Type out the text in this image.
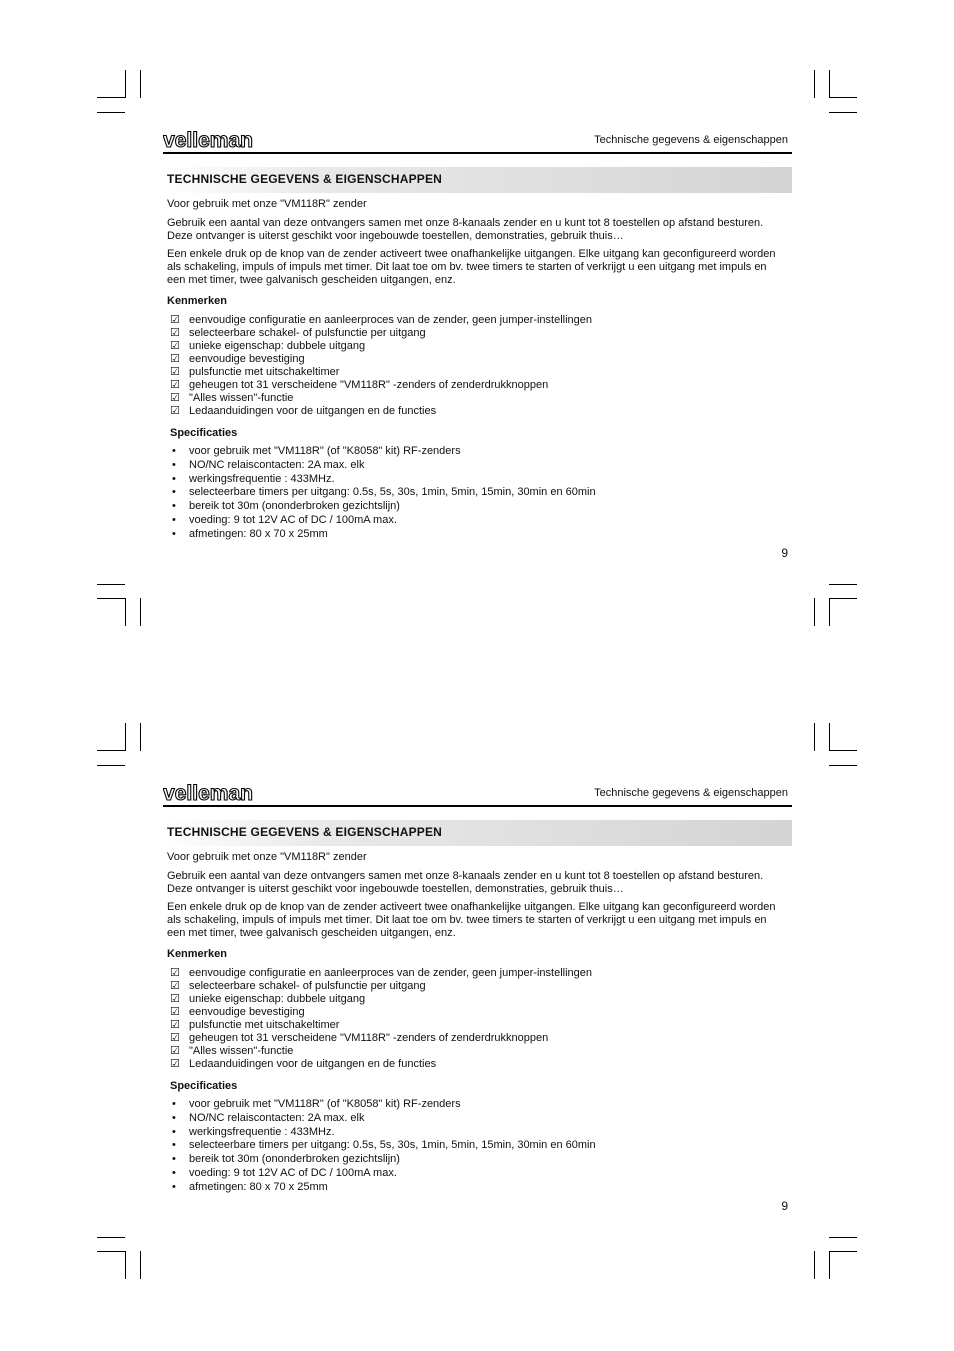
velleman	Technische gegevens & eigenschappen
TECHNISCHE GEGEVENS & EIGENSCHAPPEN

Voor gebruik met onze "VM118R" zender

Gebruik een aantal van deze ontvangers samen met onze 8-kanaals zender en u kunt tot 8 toestellen op afstand besturen. Deze ontvanger is uiterst geschikt voor ingebouwde toestellen, demonstraties, gebruik thuis…

Een enkele druk op de knop van de zender activeert twee onafhankelijke uitgangen. Elke uitgang kan geconfigureerd worden als schakeling, impuls of impuls met timer. Dit laat toe om bv. twee timers te starten of verkrijgt u een uitgang met impuls en een met timer, twee galvanisch gescheiden uitgangen, enz.

Kenmerken
☑ eenvoudige configuratie en aanleerproces van de zender, geen jumper-instellingen
☑ selecteerbare schakel- of pulsfunctie per uitgang
☑ unieke eigenschap: dubbele uitgang
☑ eenvoudige bevestiging
☑ pulsfunctie met uitschakeltimer
☑ geheugen tot 31 verscheidene "VM118R" -zenders of zenderdrukknoppen
☑ "Alles wissen"-functie
☑ Ledaanduidingen voor de uitgangen en de functies
Specificaties
• voor gebruik met "VM118R" (of "K8058" kit) RF-zenders
• NO/NC relaiscontacten: 2A max. elk
• werkingsfrequentie : 433MHz.
• selecteerbare timers per uitgang: 0.5s, 5s, 30s, 1min, 5min, 15min, 30min en 60min
• bereik tot 30m (ononderbroken gezichtslijn)
• voeding: 9 tot 12V AC of DC / 100mA max.
• afmetingen: 80 x 70 x 25mm
9
velleman	Technische gegevens & eigenschappen
TECHNISCHE GEGEVENS & EIGENSCHAPPEN

Voor gebruik met onze "VM118R" zender

Gebruik een aantal van deze ontvangers samen met onze 8-kanaals zender en u kunt tot 8 toestellen op afstand besturen. Deze ontvanger is uiterst geschikt voor ingebouwde toestellen, demonstraties, gebruik thuis…

Een enkele druk op de knop van de zender activeert twee onafhankelijke uitgangen. Elke uitgang kan geconfigureerd worden als schakeling, impuls of impuls met timer. Dit laat toe om bv. twee timers te starten of verkrijgt u een uitgang met impuls en een met timer, twee galvanisch gescheiden uitgangen, enz.

Kenmerken
☑ eenvoudige configuratie en aanleerproces van de zender, geen jumper-instellingen
☑ selecteerbare schakel- of pulsfunctie per uitgang
☑ unieke eigenschap: dubbele uitgang
☑ eenvoudige bevestiging
☑ pulsfunctie met uitschakeltimer
☑ geheugen tot 31 verscheidene "VM118R" -zenders of zenderdrukknoppen
☑ "Alles wissen"-functie
☑ Ledaanduidingen voor de uitgangen en de functies
Specificaties
• voor gebruik met "VM118R" (of "K8058" kit) RF-zenders
• NO/NC relaiscontacten: 2A max. elk
• werkingsfrequentie : 433MHz.
• selecteerbare timers per uitgang: 0.5s, 5s, 30s, 1min, 5min, 15min, 30min en 60min
• bereik tot 30m (ononderbroken gezichtslijn)
• voeding: 9 tot 12V AC of DC / 100mA max.
• afmetingen: 80 x 70 x 25mm
9
